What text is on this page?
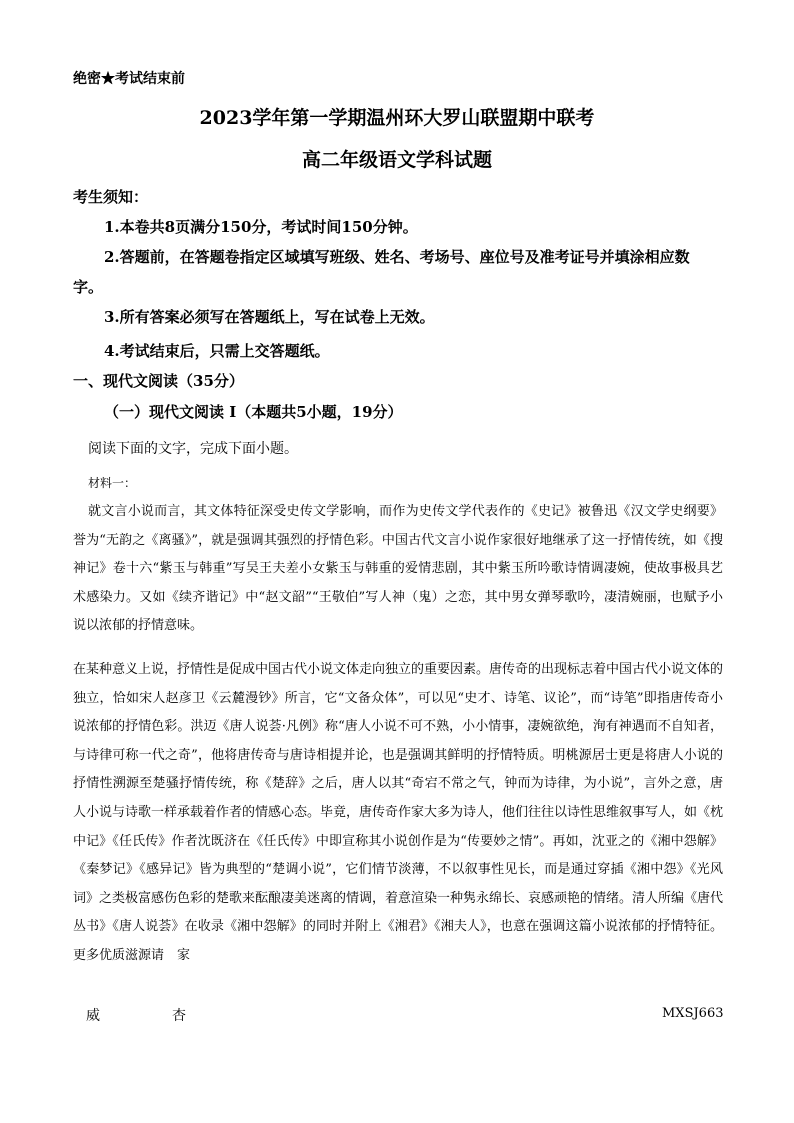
绝密★考试结束前
2023学年第一学期温州环大罗山联盟期中联考
高二年级语文学科试题
考生须知：
1.本卷共8页满分150分，考试时间150分钟。
2.答题前，在答题卷指定区域填写班级、姓名、考场号、座位号及准考证号并填涂相应数
字。
3.所有答案必须写在答题纸上，写在试卷上无效。
4.考试结束后，只需上交答题纸。
一、现代文阅读（35分）
（一）现代文阅读 I（本题共5小题，19分）
阅读下面的文字，完成下面小题。
材料一：
就文言小说而言，其文体特征深受史传文学影响，而作为史传文学代表作的《史记》被鲁迅《汉文学史纲要》誉为“无韵之《离骚》”，就是强调其强烈的抒情色彩。中国古代文言小说作家很好地继承了这一抒情传统，如《搜神记》卷十六“紫玉与韩重”写吴王夫差小女紫玉与韩重的爱情悲剧，其中紫玉所吟歌诗情调凄婉，使故事极具艺术感染力。又如《续齐谐记》中“赵文韶”“王敬伯”写人神（鬼）之恋，其中男女弹琴歌吟，凄清婉丽，也赋予小说以浓郁的抒情意味。
在某种意义上说，抒情性是促成中国古代小说文体走向独立的重要因素。唐传奇的出现标志着中国古代小说文体的独立，恰如宋人赵彦卫《云麓漫钞》所言，它“文备众体”，可以见“史才、诗笔、议论”，而“诗笔”即指唐传奇小说浓郁的抒情色彩。洪迈《唐人说荟·凡例》称“唐人小说不可不熟，小小情事，凄婉欲绝，洵有神遇而不自知者，与诗律可称一代之奇”，他将唐传奇与唐诗相提并论，也是强调其鲜明的抒情特质。明桃源居士更是将唐人小说的抒情性溯源至楚骚抒情传统，称《楚辞》之后，唐人以其“奇宕不常之气，钟而为诗律，为小说”，言外之意，唐人小说与诗歌一样承载着作者的情感心态。毕竟，唐传奇作家大多为诗人，他们往往以诗性思维叙事写人，如《枕中记》《任氏传》作者沈既济在《任氏传》中即宣称其小说创作是为“传要妙之情”。再如，沈亚之的《湘中怨解》《秦梦记》《感异记》皆为典型的“楚调小说”，它们情节淡薄，不以叙事性见长，而是通过穿插《湘中怨》《光风词》之类极富感伤色彩的楚歌来酝酿凄美迷离的情调，着意渲染一种隽永绵长、哀感顽艳的情绪。清人所编《唐代丛书》《唐人说荟》在收录《湘中怨解》的同时并附上《湘君》《湘夫人》，也意在强调这篇小说浓郁的抒情特征。更多优质滋源请　家
威	杏	MXSJ663
